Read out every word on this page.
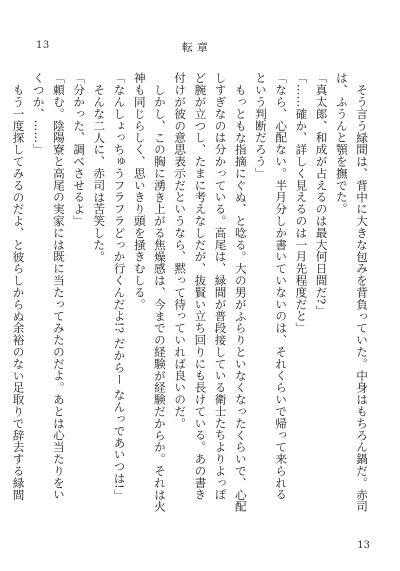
13	転章

そう言う緑間は、背中に大きな包みを背負っていた。中身はもちろん鍋だ。赤司は、ふうんと顎を撫でた。

「真太郎、和成が占えるのは最大何日間だ?」

「……確か、詳しく見えるのは一月先程度だと」

「なら、心配ない。半月分しか書いていないのは、それくらいで帰って来られるという判断だろう」

もっともな指摘にぐぬ、と唸る。大の男がふらりといなくなったくらいで、心配しすぎなのは分かっている。高尾は、緑間が普段接している衛士たちよりよっぽど腕が立つし、たまに考えなしだが、抜賢い立ち回りにも長けている。あの書き付けが彼の意思表示だというなら、黙って待っていれば良いのだ。

しかし、この胸に湧き上がる焦燥感は、今までの経験が経験だからか。それは火神も同じらしく、思いきり頭を掻きむしる。

「なんしょっちゅうフラフラどっか行くんだよ!? だからー なんっであいつは!」

そんな二人に、赤司は苦笑した。

「分かった、調べさせるよ」

「頼む。陰陽寮と高尾の実家には既に当たってみたのだよ。あとは心当たりをいくつか、……」

もう一度探してみるのだよ、と彼らしからぬ余裕のない足取りで辞去する緑間

13
